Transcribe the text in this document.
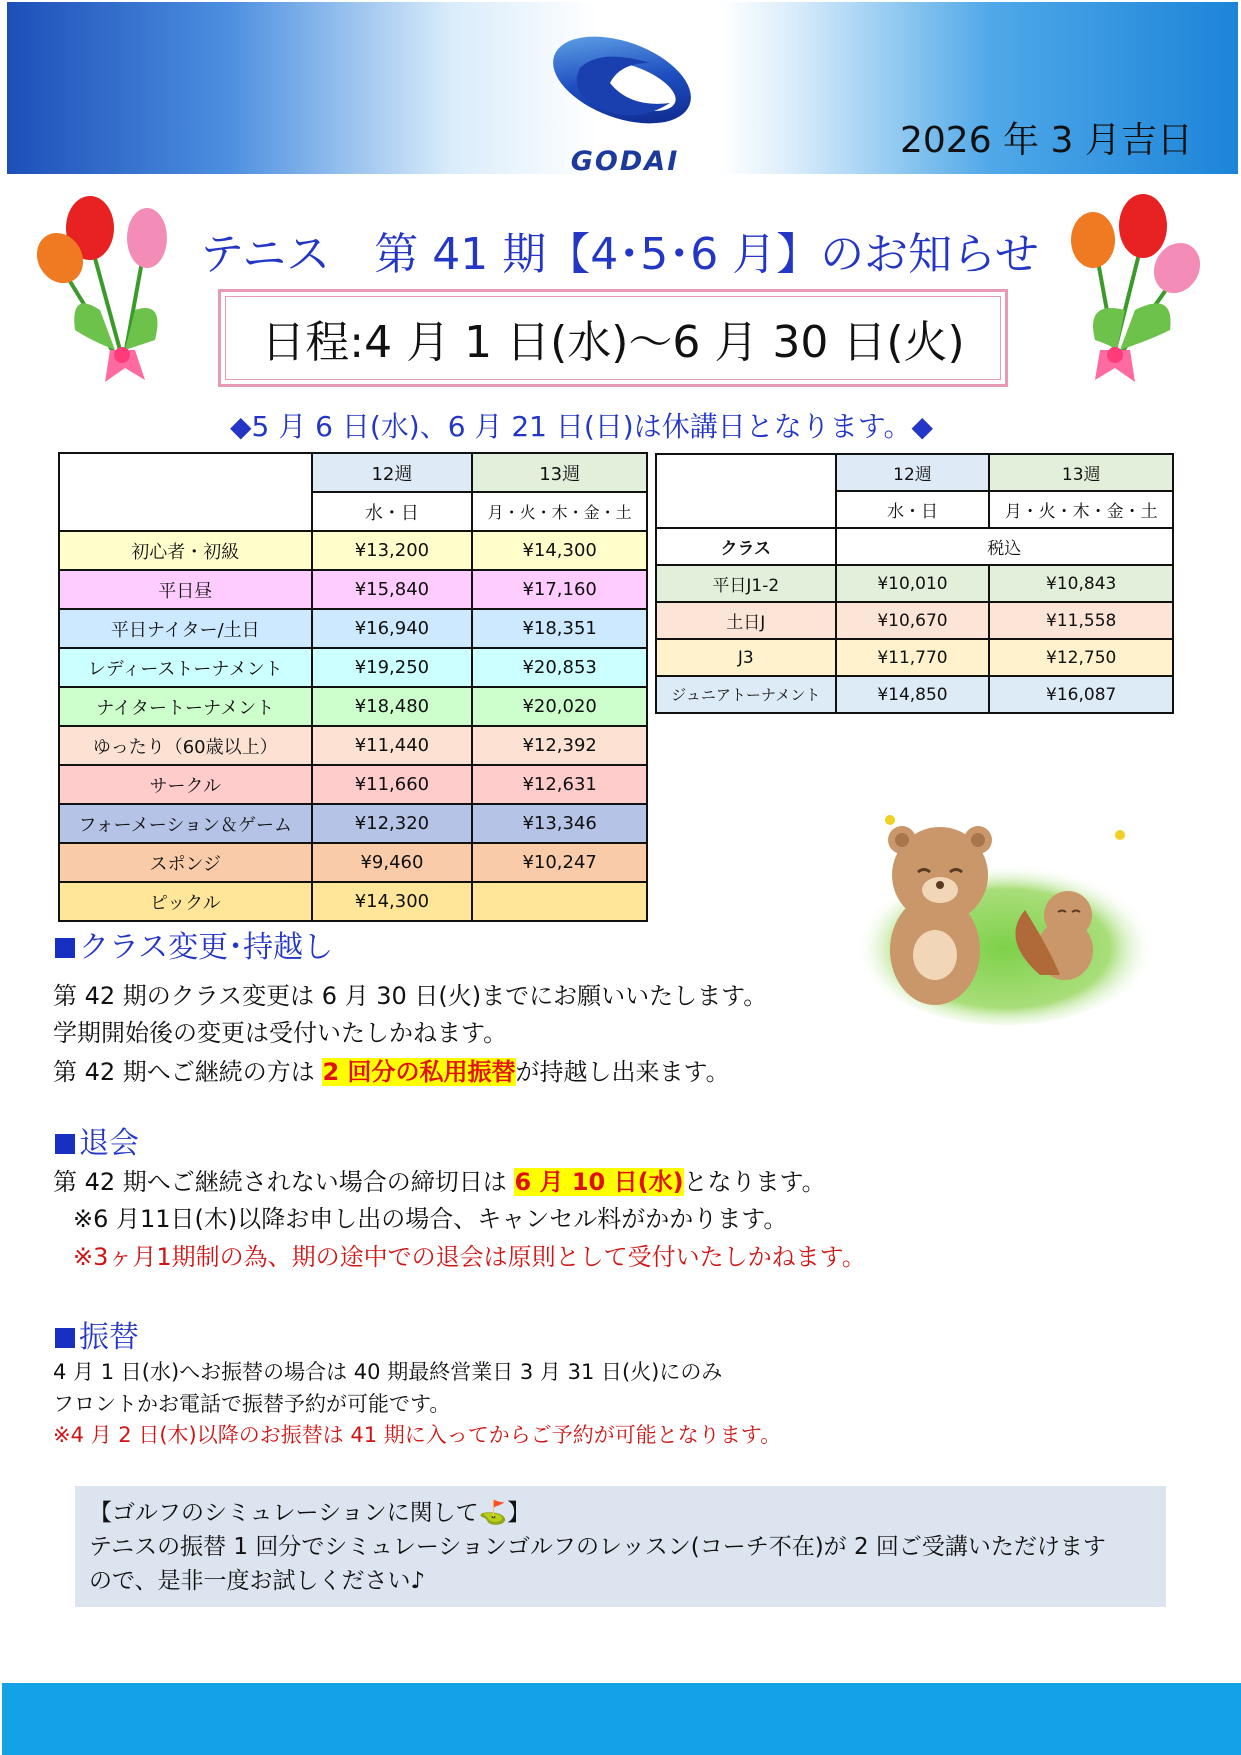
GODAI
2026 年 3 月吉日
テニス　第 41 期【4･5･6 月】のお知らせ
日程:4 月 1 日(水)～6 月 30 日(火)
◆5 月 6 日(水)、6 月 21 日(日)は休講日となります。◆
	12週	13週
	水・日	月・火・木・金・土
初心者・初級	¥13,200	¥14,300
平日昼	¥15,840	¥17,160
平日ナイター/土日	¥16,940	¥18,351
レディーストーナメント	¥19,250	¥20,853
ナイタートーナメント	¥18,480	¥20,020
ゆったり（60歳以上）	¥11,440	¥12,392
サークル	¥11,660	¥12,631
フォーメーション＆ゲーム	¥12,320	¥13,346
スポンジ	¥9,460	¥10,247
ピックル	¥14,300	
	12週	13週
	水・日	月・火・木・金・土
クラス	税込	
平日J1-2	¥10,010	¥10,843
土日J	¥10,670	¥11,558
J3	¥11,770	¥12,750
ジュニアトーナメント	¥14,850	¥16,087
クラス変更･持越し
第 42 期のクラス変更は 6 月 30 日(火)までにお願いいたします。
学期開始後の変更は受付いたしかねます。
第 42 期へご継続の方は 2 回分の私用振替が持越し出来ます。
退会
第 42 期へご継続されない場合の締切日は 6 月 10 日(水)となります。
※6 月11日(木)以降お申し出の場合、キャンセル料がかかります。
※3ヶ月1期制の為、期の途中での退会は原則として受付いたしかねます。
振替
4 月 1 日(水)へお振替の場合は 40 期最終営業日 3 月 31 日(火)にのみ
フロントかお電話で振替予約が可能です。
※4 月 2 日(木)以降のお振替は 41 期に入ってからご予約が可能となります。
【ゴルフのシミュレーションに関して⛳】
テニスの振替 1 回分でシミュレーションゴルフのレッスン(コーチ不在)が 2 回ご受講いただけます
ので、是非一度お試しください♪
